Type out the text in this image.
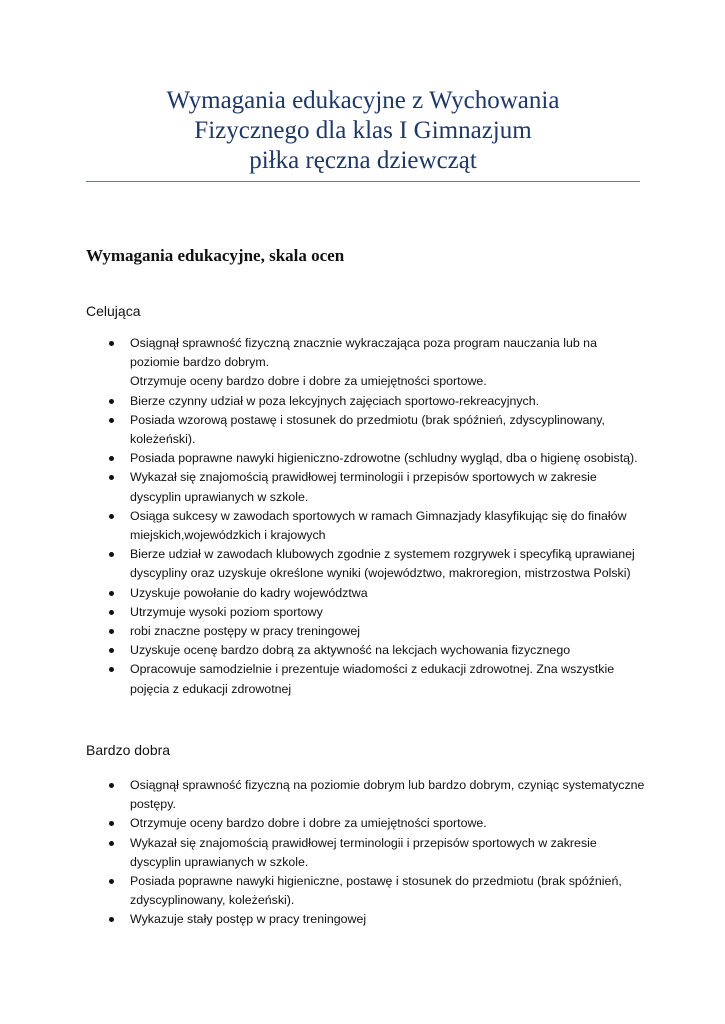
Wymagania edukacyjne z Wychowania
Fizycznego dla klas I Gimnazjum
piłka ręczna dziewcząt
Wymagania edukacyjne, skala ocen
Celująca
Osiągnął sprawność fizyczną znacznie wykraczająca poza program nauczania lub na poziomie bardzo dobrym.
Otrzymuje oceny bardzo dobre i dobre za umiejętności sportowe.
Bierze czynny udział w poza lekcyjnych zajęciach sportowo-rekreacyjnych.
Posiada wzorową postawę i stosunek do przedmiotu (brak spóźnień, zdyscyplinowany, koleżeński).
Posiada poprawne nawyki higieniczno-zdrowotne (schludny wygląd, dba o higienę osobistą).
Wykazał się znajomością prawidłowej terminologii i przepisów sportowych w zakresie dyscyplin uprawianych w szkole.
Osiąga sukcesy w zawodach sportowych w ramach Gimnazjady klasyfikując się do finałów miejskich,wojewódzkich i krajowych
Bierze udział w zawodach klubowych zgodnie z systemem rozgrywek i specyfiką uprawianej dyscypliny oraz uzyskuje określone wyniki (województwo, makroregion, mistrzostwa Polski)
Uzyskuje powołanie do kadry województwa
Utrzymuje wysoki poziom sportowy
robi znaczne postępy w pracy treningowej
Uzyskuje ocenę bardzo dobrą za aktywność na lekcjach wychowania fizycznego
Opracowuje samodzielnie i prezentuje wiadomości z edukacji zdrowotnej. Zna wszystkie pojęcia z edukacji zdrowotnej
Bardzo dobra
Osiągnął sprawność fizyczną na poziomie dobrym lub bardzo dobrym, czyniąc systematyczne postępy.
Otrzymuje oceny bardzo dobre i dobre za umiejętności sportowe.
Wykazał się znajomością prawidłowej terminologii i przepisów sportowych w zakresie dyscyplin uprawianych w szkole.
Posiada poprawne nawyki higieniczne, postawę i stosunek do przedmiotu (brak spóźnień, zdyscyplinowany, koleżeński).
Wykazuje stały postęp w pracy treningowej
